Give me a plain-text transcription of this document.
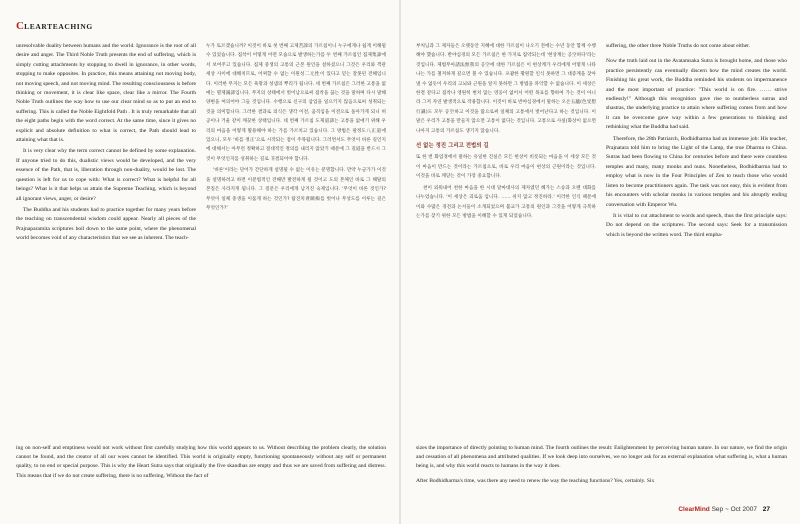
CLEARTEACHING

unresolvable duality between humans and the world. Ignorance is the root of all desire and anger. The Third Noble Truth presents the end of suffering, which is simply cutting attachments by stopping to dwell in ignorance, in other words, stopping to make opposites. In practice, this means attaining not moving body, not moving speech, and not moving mind. The resulting consciousness is before thinking or movement, it is clear like space, clear like a mirror. The Fourth Noble Truth outlines the way how to use our clear mind so as to put an end to suffering. This is called the Noble Eightfold Path . It is truly remarkable that all the eight paths begin with the word correct. At the same time, since it gives no explicit and absolute definition to what is correct, the Path should lead to attaining what that is.

It is very clear why the term correct cannot be defined by some explanation. If anyone tried to do this, dualistic views would be developed, and the very essence of the Path, that is, liberation through non-duality, would be lost. The question is left for us to cope with: What is correct? What is helpful for all beings? What is it that helps us attain the Supreme Teaching, which is beyond all ignorant views, anger, or desire?

The Buddha and his students had to practice together for many years before the teaching on transcendental wisdom could appear. Nearly all pieces of the Prajnaparamita scriptures boil down to the same point, where the phenomenal world becomes void of any characteristics that we see as inherent. The teach-

누가 토르겠습니까? 이것이 바로 첫 번째 고제苦諦의 가르침이니 누구에게나 쉽게 이해될 수 있었습니다. 집착이 어떻게 어떤 모습으로 발생하는가를 두 번째 가르침인 집제集諦에서 보여주고 있습니다. 집제 중생의 고통의 근본 원인을 설하셨으니 그것은 우리와 객관 세상 사이에 대해치므로, 어찌할 수 없는 이원성二元性이 있다고 믿는 잘못된 견해입니다. 이러한 무지는 모든 욕망과 성냄의 뿌리가 됩니다. 세 번째 가르침은 그러한 고통을 없애는 멸제滅諦입니다. 무지의 상태에서 벗어남으로써 집착을 끊는 것을 말하며 다시 말해 양변을 여의어야 그들 것입니다. 수행으로 신구의 삼업을 일으키지 않음으로써 성취되는 것을 의미합니다. 그러한 결과로 의식은 생각 이전, 움직임을 이전으로 돌아가게 되니 허공이나 거울 같이 깨끗한 상태입니다. 네 번째 가르침 도제道諦는 고통을 없애기 위해 우리의 마음을 어떻게 활용해야 하는 가를 가르치고 있습니다. 그 방법은 팔정도八正道에 있으니, 모두 '바를 정正'으로 시작되는 점이 주목됩니다. 그러면서도 무엇이 바른 길인지에 대해서는 아무런 정확하고 절대적인 정의를 내리지 않았기 때문에 그 길道을 반드시 그것이 무엇인지를 성취하는 길로 귀결되어야 합니다.

'바른'이라는 단어가 간단하게 설명될 수 없는 이유는 분명합니다. 만약 누군가가 이것을 설명하려고 하면 이분법적인 견해만 발전하게 될 것이고 도의 본체인 바로 그 해탈의 본질은 사라지게 됩니다. 그 질문은 우리에게 남겨진 숙제입니다. '무엇이 바른 것인가? 무엇이 일체 중생을 이롭게 하는 것인가? 탐진치貪瞋痴를 벗어나 무상도를 이루는 길은 무엇인가?'

ing on non-self and emptiness would not work without first carefully studying how this world appears to us. Without describing the problem clearly, the solution cannot be found, and the creator of all our woes cannot be identified. This world is originally empty, functioning spontaneously without any self or permanent quality, to no end or special purpose. This is why the Heart Sutra says that originally the five skandhas are empty and thus we are saved from suffering and distress. This means that if we do not create suffering, there is no suffering. Without the fact of

부처님과 그 제자들은 오랫동안 지혜에 대한 가르침이 나오기 전에는 수년 동안 함께 수행해야 했습니다. 반야심경의 모든 가르침은 한 가지로 집약되는데 '현상계는 공空하다'라는 것입니다. 제법무아諸法無我의 공空에 대한 가르침은 이 현상계가 우리에게 어떻게 나타나는 가를 철저하게 깊으면 볼 수 있습니다. 포괄한 황원할 인식 못하면 그 대증계을 찾아낼 수 없듯이 우리의 고뇌와 근원을 알지 못하면 그 방법을 파악할 수 없습니다. 이 세상은 한결 같다고 집착나 영원히 변치 않는 영웅이 없어서 어떤 목표를 향하여 가는 것이 아니라 그저 자연 발생적으로 작용합니다. 이것이 바로 반야심경에서 말하는 오온五蘊(色受想行識)도 모두 공空하고 이것을 앎으로써 일체의 고통에서 벗어난다고 하는 것입니다. 이 말은 우리가 고통을 만들지 않으면 고통이 없다는 것입니다. 고통으로 사실(화상이 없으면 나아지 고통의 가르침도 생기지 않습니다.

선 없는 정진 그리고 전법의 길

또 한 번 화엄경에서 말하는 유일한 진실은 모든 현상이 비롯되는 마음을 이 세상 모든 것이 마음이 만드는 것이라는 가르침으로, 바로 우리 마음이 현상의 근원이라는 것입니다. 이것을 바로 깨닫는 것이 가장 중요합니다.

천이 외워내어 천한 마음을 한 시대 달마대사의 제자였던 혜가는 스승과 오랜 대화를 나누었습니다. '이 세상은 괴로움 입니다. …… 쉬지 않고 정진하라.' 이러한 인식 때문에 이와 수많은 경전과 논서들이 소개되었으며 불교가 고통의 원인과 그것을 어떻게 극복하는가를 찾기 위한 모든 방법을 이해할 수 있게 되었습니다.

suffering, the other three Noble Truths do not come about either.

Now the truth laid out in the Avatamsaka Sutra is brought home, and those who practice persistently can eventually discern how the mind creates the world. Finishing his great work, the Buddha reminded his students on impermanence and the most important of practice: "This world is on fire. …… strive endlessly!" Although this recognition gave rise to numberless sutras and shastras, the underlying practice to attain where suffering comes from and how it can be overcome gave way within a few generations to thinking and rethinking what the Buddha had said.

Therefore, the 28th Patriarch, Bodhidharma had an immense job: His teacher, Prajnatara told him to bring the Light of the Lamp, the true Dharma to China. Sutras had been flowing to China for centuries before and there were countless temples and many, many monks and nuns. Nonetheless, Bodhidharma had to employ what is now in the Four Principles of Zen to teach those who would listen to become practitioners again. The task was not easy, this is evident from his encounters with scholar monks in various temples and his abruptly ending conversation with Emperor Wu.

It is vital to cut attachment to words and speech, thus the first principle says: Do not depend on the scriptures. The second says: Seek for a transmission which is beyond the written word. The third empha-

sizes the importance of directly pointing to human mind. The fourth outlines the result: Enlightenment by perceiving human nature. In our nature, we find the origin and cessation of all phenomena and attributed qualities. If we look deep into ourselves, we no longer ask for an external explanation what suffering is, what a human being is, and why this world reacts to humans in the way it does.

After Bodhidharma's time, was there any need to renew the way the teaching functions? Yes, certainly. Six

ClearMind Sep ~ Oct 2007 27
